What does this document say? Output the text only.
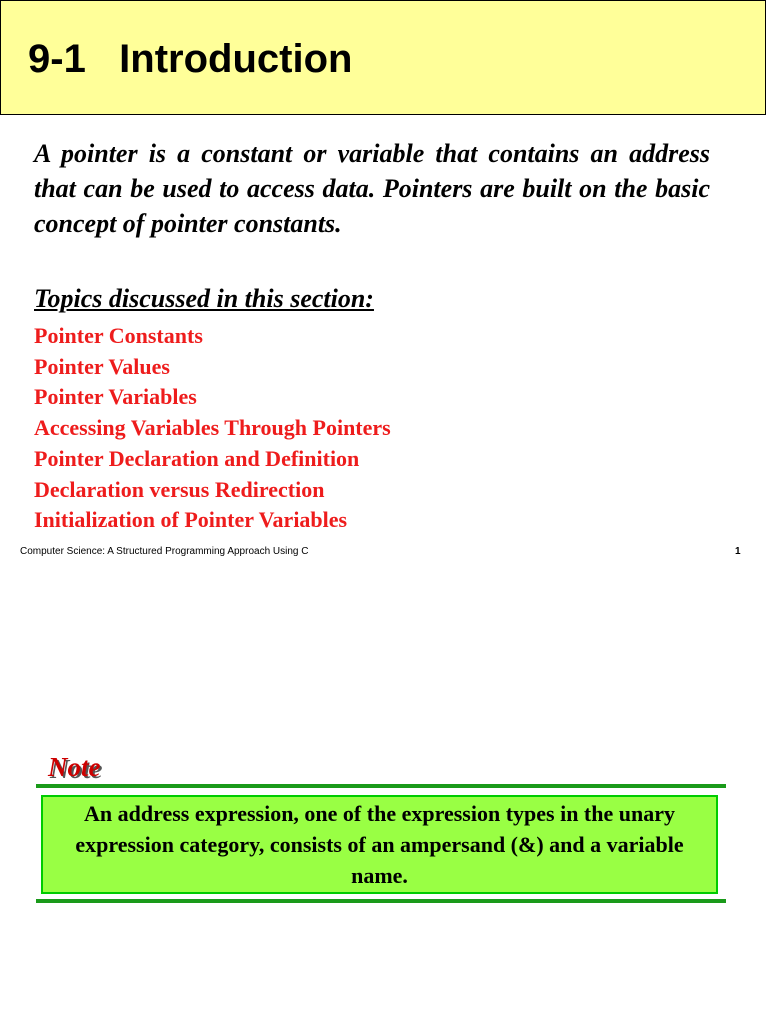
9-1   Introduction
A pointer is a constant or variable that contains an address that can be used to access data. Pointers are built on the basic concept of pointer constants.
Topics discussed in this section:
Pointer Constants
Pointer Values
Pointer Variables
Accessing Variables Through Pointers
Pointer Declaration and Definition
Declaration versus Redirection
Initialization of Pointer Variables
Computer Science: A Structured Programming Approach Using C	1
Note
An address expression, one of the expression types in the unary expression category, consists of an ampersand (&) and a variable name.
